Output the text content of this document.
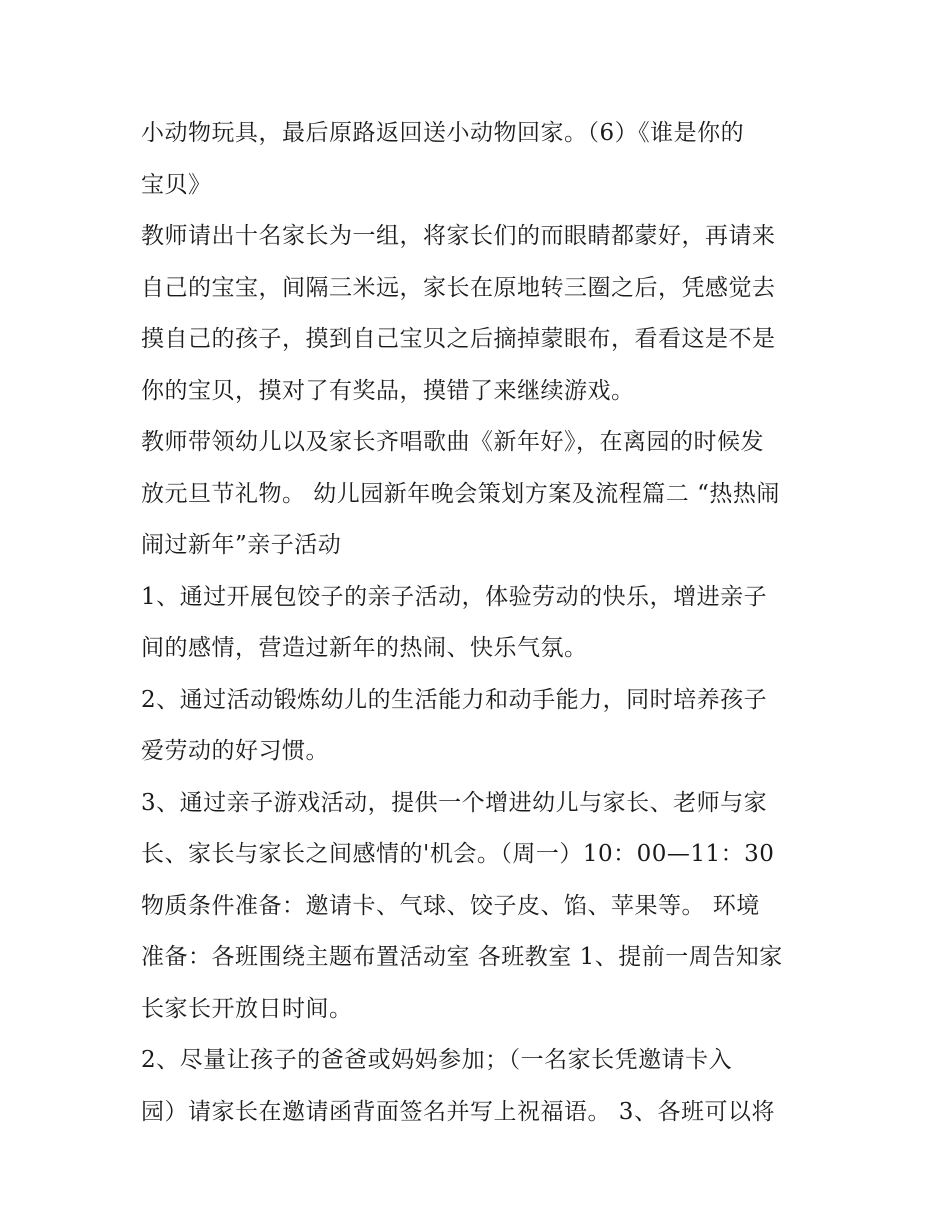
小动物玩具，最后原路返回送小动物回家。（6）《谁是你的
宝贝》
教师请出十名家长为一组，将家长们的而眼睛都蒙好，再请来
自己的宝宝，间隔三米远，家长在原地转三圈之后，凭感觉去
摸自己的孩子，摸到自己宝贝之后摘掉蒙眼布，看看这是不是
你的宝贝，摸对了有奖品，摸错了来继续游戏。
教师带领幼儿以及家长齐唱歌曲《新年好》，在离园的时候发
放元旦节礼物。 幼儿园新年晚会策划方案及流程篇二 “热热闹
闹过新年”亲子活动
1、通过开展包饺子的亲子活动，体验劳动的快乐，增进亲子
间的感情，营造过新年的热闹、快乐气氛。
2、通过活动锻炼幼儿的生活能力和动手能力，同时培养孩子
爱劳动的好习惯。
3、通过亲子游戏活动，提供一个增进幼儿与家长、老师与家
长、家长与家长之间感情的'机会。（周一）10：00—11：30
物质条件准备：邀请卡、气球、饺子皮、馅、苹果等。 环境
准备：各班围绕主题布置活动室 各班教室 1、提前一周告知家
长家长开放日时间。
2、尽量让孩子的爸爸或妈妈参加；（一名家长凭邀请卡入
园）请家长在邀请函背面签名并写上祝福语。 3、各班可以将
